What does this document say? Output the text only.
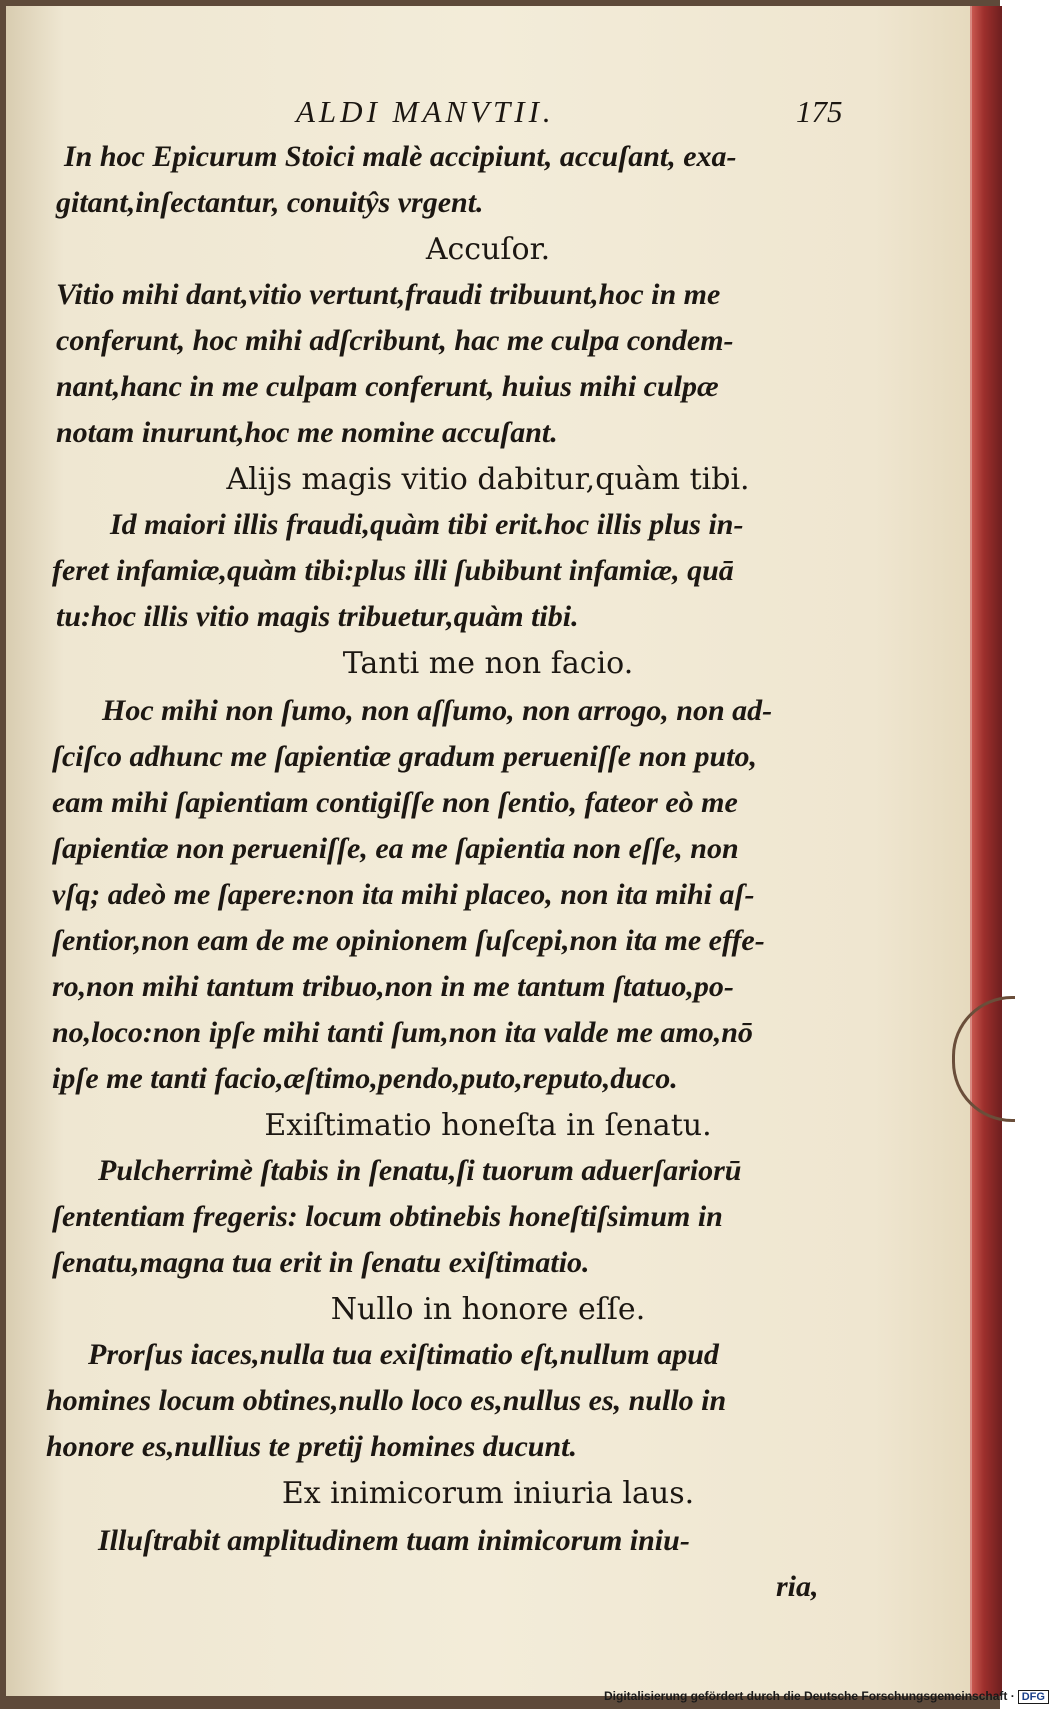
ALDI MANVTII.	175
In hoc Epicurum Stoici malè accipiunt, accuſant, exa-
gitant,inſectantur, conuitŷs vrgent.
Accuſor.
Vitio mihi dant,vitio vertunt,fraudi tribuunt,hoc in me
conferunt, hoc mihi adſcribunt, hac me culpa condem-
nant,hanc in me culpam conferunt, huius mihi culpæ
notam inurunt,hoc me nomine accuſant.
Alijs magis vitio dabitur,quàm tibi.
Id maiori illis fraudi,quàm tibi erit.hoc illis plus in-
feret infamiæ,quàm tibi:plus illi ſubibunt infamiæ, quā
tu:hoc illis vitio magis tribuetur,quàm tibi.
Tanti me non facio.
Hoc mihi non ſumo, non aſſumo, non arrogo, non ad-
ſciſco adhunc me ſapientiæ gradum perueniſſe non puto,
eam mihi ſapientiam contigiſſe non ſentio, fateor eò me
ſapientiæ non perueniſſe, ea me ſapientia non eſſe, non
vſq; adeò me ſapere:non ita mihi placeo, non ita mihi aſ-
ſentior,non eam de me opinionem ſuſcepi,non ita me effe-
ro,non mihi tantum tribuo,non in me tantum ſtatuo,po-
no,loco:non ipſe mihi tanti ſum,non ita valde me amo,nō
ipſe me tanti facio,æſtimo,pendo,puto,reputo,duco.
Exiſtimatio honeſta in ſenatu.
Pulcherrimè ſtabis in ſenatu,ſi tuorum aduerſariorū
ſententiam fregeris: locum obtinebis honeſtiſsimum in
ſenatu,magna tua erit in ſenatu exiſtimatio.
Nullo in honore eſſe.
Prorſus iaces,nulla tua exiſtimatio eſt,nullum apud
homines locum obtines,nullo loco es,nullus es, nullo in
honore es,nullius te pretij homines ducunt.
Ex inimicorum iniuria laus.
Illuſtrabit amplitudinem tuam inimicorum iniu-
ria,
Digitalisierung gefördert durch die Deutsche Forschungsgemeinschaft · DFG
